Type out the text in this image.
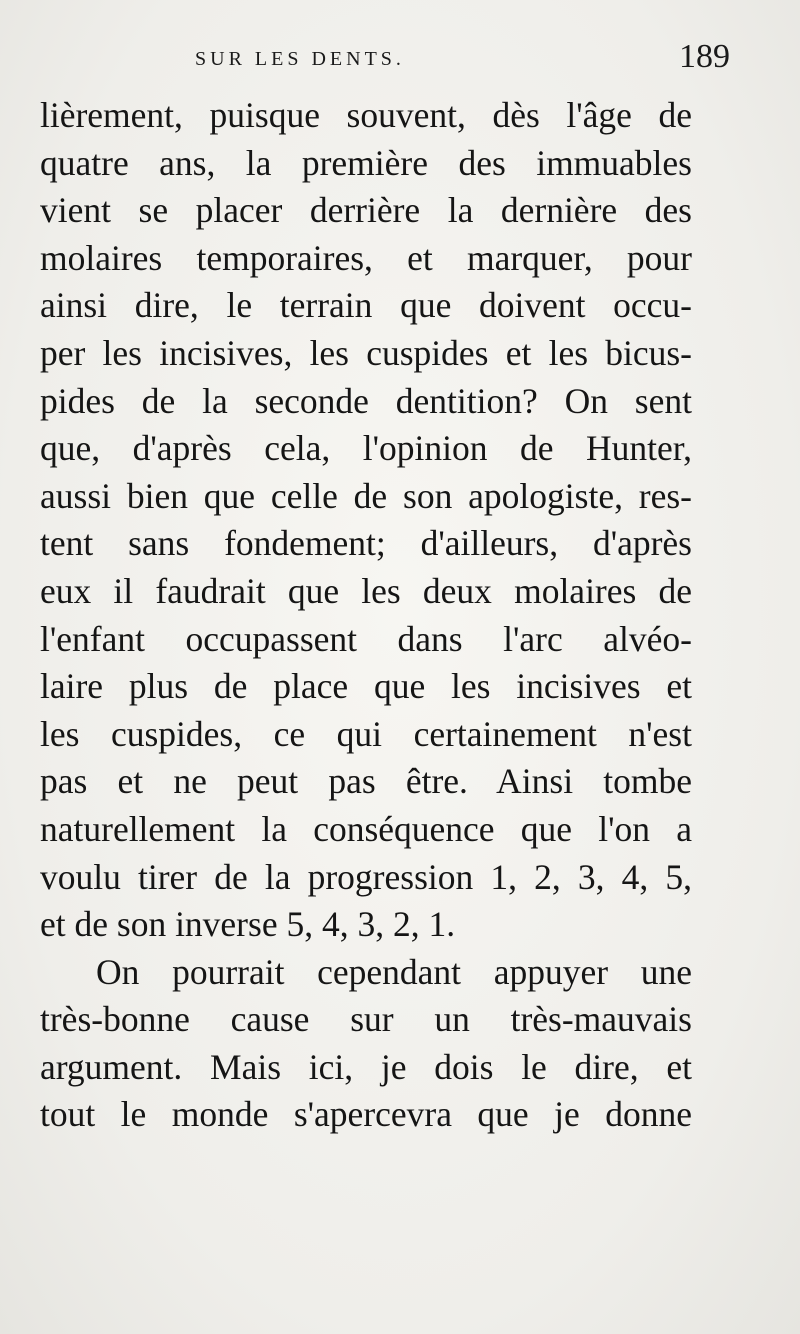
SUR LES DENTS.	189
lièrement, puisque souvent, dès l'âge de
quatre ans, la première des immuables
vient se placer derrière la dernière des
molaires temporaires, et marquer, pour
ainsi dire, le terrain que doivent occu-
per les incisives, les cuspides et les bicus-
pides de la seconde dentition? On sent
que, d'après cela, l'opinion de Hunter,
aussi bien que celle de son apologiste, res-
tent sans fondement; d'ailleurs, d'après
eux il faudrait que les deux molaires de
l'enfant occupassent dans l'arc alvéo-
laire plus de place que les incisives et
les cuspides, ce qui certainement n'est
pas et ne peut pas être. Ainsi tombe
naturellement la conséquence que l'on a
voulu tirer de la progression 1, 2, 3, 4, 5,
et de son inverse 5, 4, 3, 2, 1.
On pourrait cependant appuyer une
très-bonne cause sur un très-mauvais
argument. Mais ici, je dois le dire, et
tout le monde s'apercevra que je donne
